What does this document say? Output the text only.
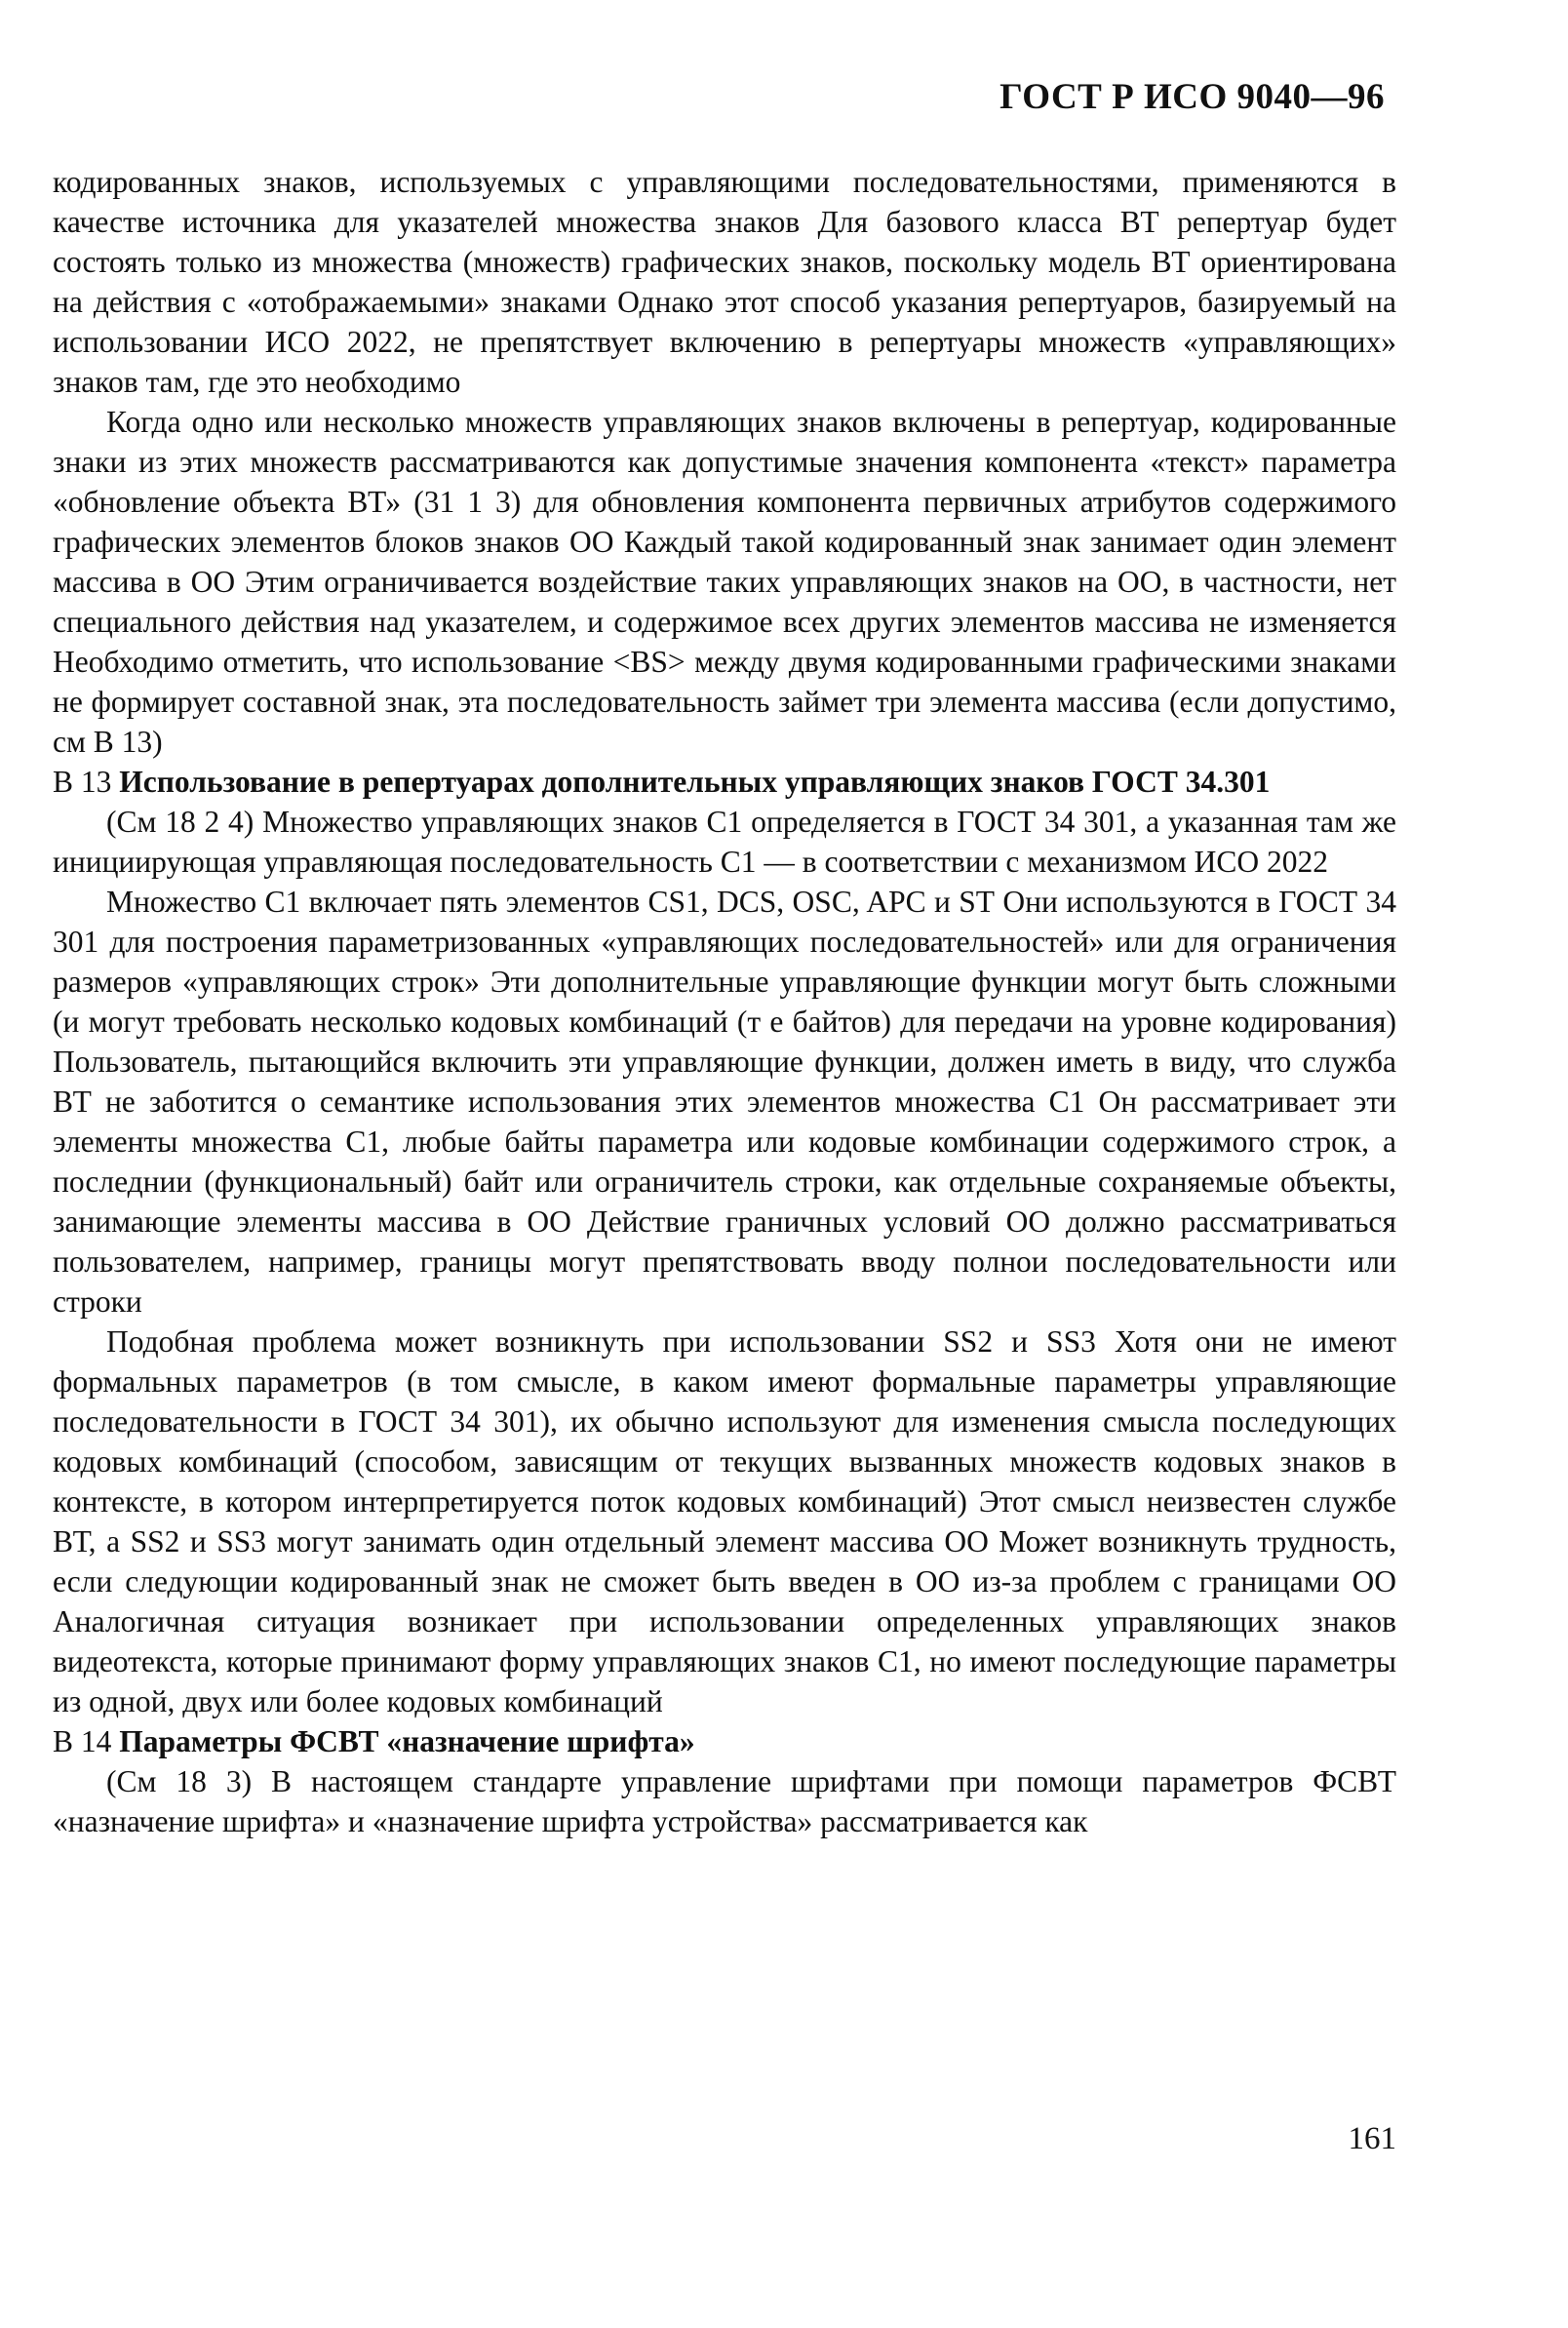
ГОСТ Р ИСО 9040—96

кодированных знаков, используемых с управляющими последовательностями, применяются в качестве источника для указателей множества знаков Для базового класса ВТ репертуар будет состоять только из множества (множеств) графических знаков, поскольку модель ВТ ориентирована на действия с «отображаемыми» знаками Однако этот способ указания репертуаров, базируемый на использовании ИСО 2022, не препятствует включению в репертуары множеств «управляющих» знаков там, где это необходимо

Когда одно или несколько множеств управляющих знаков включены в репертуар, кодированные знаки из этих множеств рассматриваются как допустимые значения компонента «текст» параметра «обновление объекта ВТ» (31 1 3) для обновления компонента первичных атрибутов содержимого графических элементов блоков знаков ОО Каждый такой кодированный знак занимает один элемент массива в ОО Этим ограничивается воздействие таких управляющих знаков на ОО, в частности, нет специального действия над указателем, и содержимое всех других элементов массива не изменяется Необходимо отметить, что использование <BS> между двумя кодированными графическими знаками не формирует составной знак, эта последовательность займет три элемента массива (если допустимо, см В 13)

В 13 Использование в репертуарах дополнительных управляющих знаков ГОСТ 34.301

(См 18 2 4) Множество управляющих знаков С1 определяется в ГОСТ 34 301, а указанная там же инициирующая управляющая последовательность С1 — в соответствии с механизмом ИСО 2022

Множество С1 включает пять элементов CS1, DCS, OSC, APC и SТ Они используются в ГОСТ 34 301 для построения параметризованных «управляющих последовательностей» или для ограничения размеров «управляющих строк» Эти дополнительные управляющие функции могут быть сложными (и могут требовать несколько кодовых комбинаций (т е байтов) для передачи на уровне кодирования) Пользователь, пытающийся включить эти управляющие функции, должен иметь в виду, что служба ВТ не заботится о семантике использования этих элементов множества С1 Он рассматривает эти элементы множества С1, любые байты параметра или кодовые комбинации содержимого строк, а последнии (функциональный) байт или ограничитель строки, как отдельные сохраняемые объекты, занимающие элементы массива в ОО Действие граничных условий ОО должно рассматриваться пользователем, например, границы могут препятствовать вводу полнои последовательности или строки

Подобная проблема может возникнуть при использовании SS2 и SS3 Хотя они не имеют формальных параметров (в том смысле, в каком имеют формальные параметры управляющие последовательности в ГОСТ 34 301), их обычно используют для изменения смысла последующих кодовых комбинаций (способом, зависящим от текущих вызванных множеств кодовых знаков в контексте, в котором интерпретируется поток кодовых комбинаций) Этот смысл неизвестен службе ВТ, а SS2 и SS3 могут занимать один отдельный элемент массива ОО Может возникнуть трудность, если следующии кодированный знак не сможет быть введен в ОО из-за проблем с границами ОО Аналогичная ситуация возникает при использовании определенных управляющих знаков видеотекста, которые принимают форму управляющих знаков С1, но имеют последующие параметры из одной, двух или более кодовых комбинаций

В 14 Параметры ФСВТ «назначение шрифта»

(См 18 3) В настоящем стандарте управление шрифтами при помощи параметров ФСВТ «назначение шрифта» и «назначение шрифта устройства» рассматривается как

161
